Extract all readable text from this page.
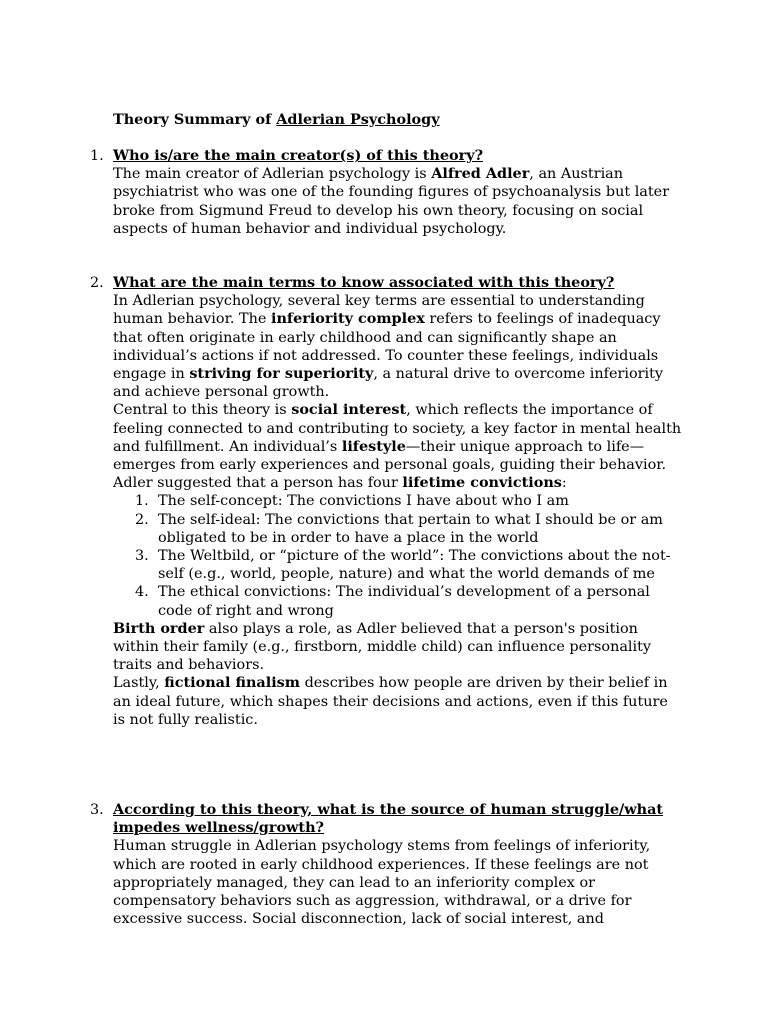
Theory Summary of Adlerian Psychology
1. Who is/are the main creator(s) of this theory?

The main creator of Adlerian psychology is Alfred Adler, an Austrian psychiatrist who was one of the founding figures of psychoanalysis but later broke from Sigmund Freud to develop his own theory, focusing on social aspects of human behavior and individual psychology.

2. What are the main terms to know associated with this theory?

In Adlerian psychology, several key terms are essential to understanding human behavior. The inferiority complex refers to feelings of inadequacy that often originate in early childhood and can significantly shape an individual’s actions if not addressed. To counter these feelings, individuals engage in striving for superiority, a natural drive to overcome inferiority and achieve personal growth.

Central to this theory is social interest, which reflects the importance of feeling connected to and contributing to society, a key factor in mental health and fulfillment. An individual’s lifestyle—their unique approach to life—emerges from early experiences and personal goals, guiding their behavior.

Adler suggested that a person has four lifetime convictions:

1. The self-concept: The convictions I have about who I am
2. The self-ideal: The convictions that pertain to what I should be or am obligated to be in order to have a place in the world
3. The Weltbild, or “picture of the world”: The convictions about the not-self (e.g., world, people, nature) and what the world demands of me
4. The ethical convictions: The individual’s development of a personal code of right and wrong

Birth order also plays a role, as Adler believed that a person's position within their family (e.g., firstborn, middle child) can influence personality traits and behaviors.

Lastly, fictional finalism describes how people are driven by their belief in an ideal future, which shapes their decisions and actions, even if this future is not fully realistic.

3. According to this theory, what is the source of human struggle/what impedes wellness/growth?

Human struggle in Adlerian psychology stems from feelings of inferiority, which are rooted in early childhood experiences. If these feelings are not appropriately managed, they can lead to an inferiority complex or compensatory behaviors such as aggression, withdrawal, or a drive for excessive success. Social disconnection, lack of social interest, and
